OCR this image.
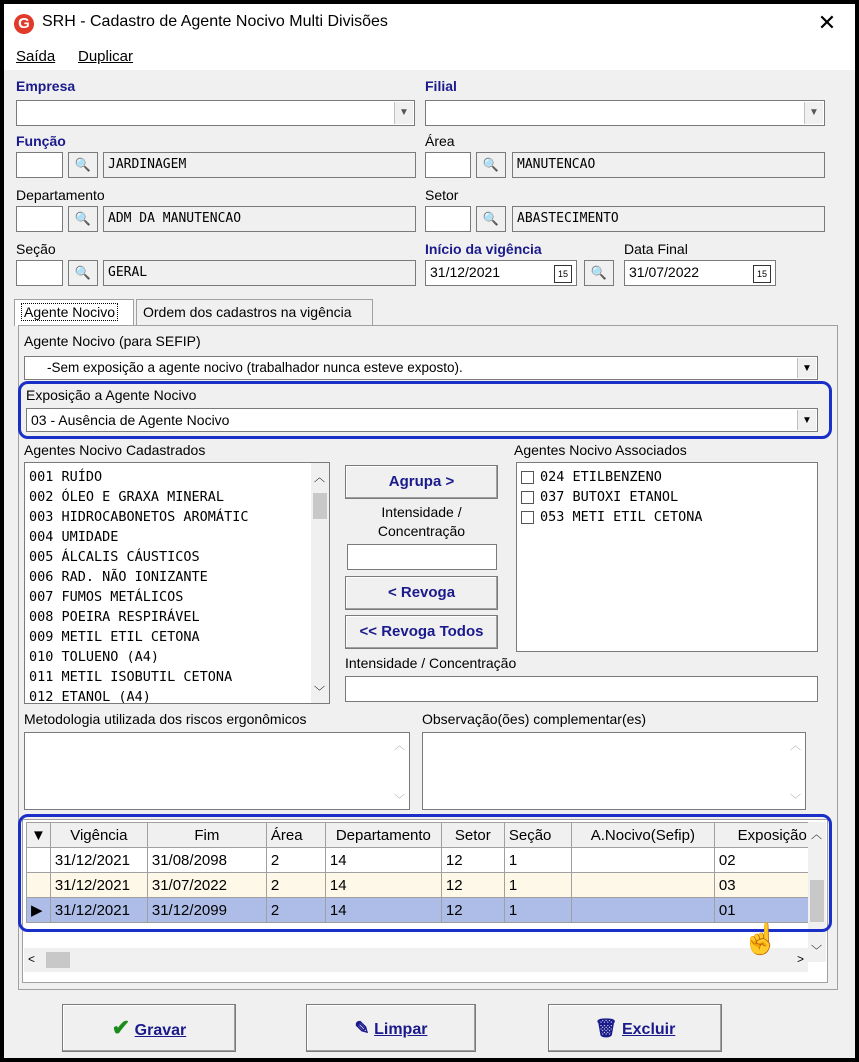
G SRH - Cadastro de Agente Nocivo Multi Divisões	✕
Saída Duplicar
Empresa
▼
Filial
▼
Função
🔍	JARDINAGEM
Área
🔍	MANUTENCAO
Departamento
🔍	ADM DA MANUTENCAO
Setor
🔍	ABASTECIMENTO
Seção
🔍	GERAL
Início da vigência
31/12/2021	15	🔍
Data Final
31/07/2022	15
Agente Nocivo	Ordem dos cadastros na vigência
Agente Nocivo (para SEFIP)
-Sem exposição a agente nocivo (trabalhador nunca esteve exposto).	▼
Exposição a Agente Nocivo
03 - Ausência de Agente Nocivo	▼
Agentes Nocivo Cadastrados
001 RUÍDO
002 ÓLEO E GRAXA MINERAL
003 HIDROCABONETOS AROMÁTIC
004 UMIDADE
005 ÁLCALIS CÁUSTICOS
006 RAD. NÃO IONIZANTE
007 FUMOS METÁLICOS
008 POEIRA RESPIRÁVEL
009 METIL ETIL CETONA
010 TOLUENO (A4)
011 METIL ISOBUTIL CETONA
012 ETANOL (A4)
︿
﹀
Agrupa >
Intensidade / Concentração
< Revoga
<< Revoga Todos
Agentes Nocivo Associados
024 ETILBENZENO
037 BUTOXI ETANOL
053 METI ETIL CETONA
Intensidade / Concentração
Metodologia utilizada dos riscos ergonômicos
︿
﹀
Observação(ões) complementar(es)
︿
﹀
▼	Vigência	Fim	Área	Departamento	Setor	Seção	A.Nocivo(Sefip)	Exposição
	31/12/2021	31/08/2098	2	14	12	1		02
	31/12/2021	31/07/2022	2	14	12	1		03
▶	31/12/2021	31/12/2099	2	14	12	1		01
︿
﹀
<	>
☝
✔ Gravar	✎ Limpar	🗑 Excluir
